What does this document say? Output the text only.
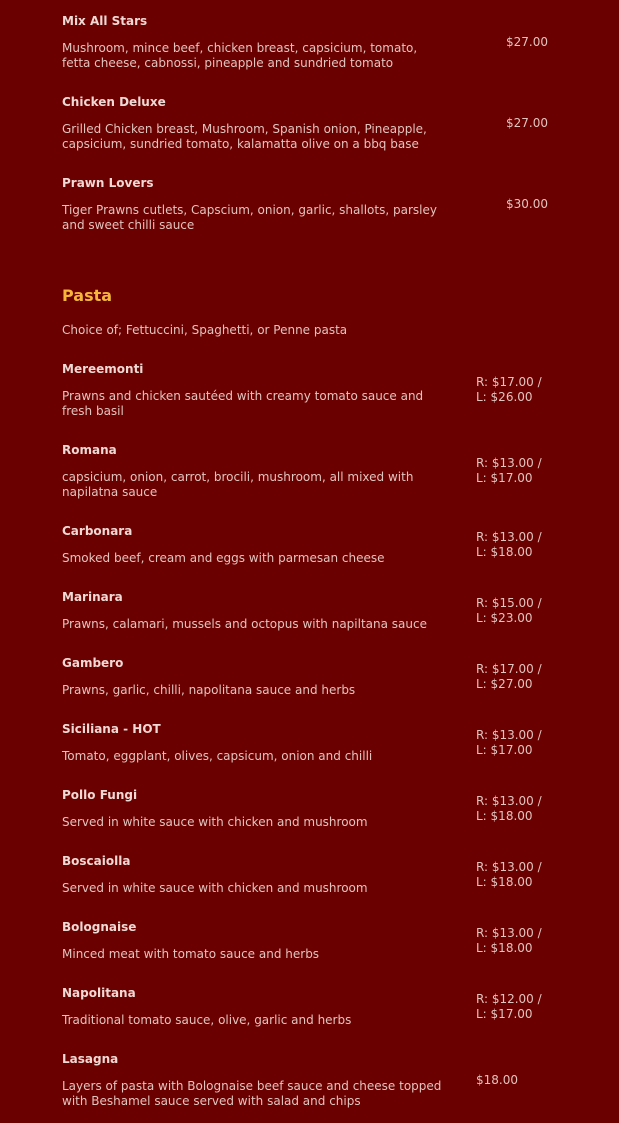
Mix All Stars
Mushroom, mince beef, chicken breast, capsicium, tomato, fetta cheese, cabnossi, pineapple and sundried tomato
$27.00
Chicken Deluxe
Grilled Chicken breast, Mushroom, Spanish onion, Pineapple, capsicium, sundried tomato, kalamatta olive on a bbq base
$27.00
Prawn Lovers
Tiger Prawns cutlets, Capscium, onion, garlic, shallots, parsley and sweet chilli sauce
$30.00
Pasta
Choice of; Fettuccini, Spaghetti, or Penne pasta
Mereemonti
Prawns and chicken sautéed with creamy tomato sauce and fresh basil
R: $17.00 /
L: $26.00
Romana
capsicium, onion, carrot, brocili, mushroom, all mixed with napilatna sauce
R: $13.00 /
L: $17.00
Carbonara
Smoked beef, cream and eggs with parmesan cheese
R: $13.00 /
L: $18.00
Marinara
Prawns, calamari, mussels and octopus with napiltana sauce
R: $15.00 /
L: $23.00
Gambero
Prawns, garlic, chilli, napolitana sauce and herbs
R: $17.00 /
L: $27.00
Siciliana - HOT
Tomato, eggplant, olives, capsicum, onion and chilli
R: $13.00 /
L: $17.00
Pollo Fungi
Served in white sauce with chicken and mushroom
R: $13.00 /
L: $18.00
Boscaiolla
Served in white sauce with chicken and mushroom
R: $13.00 /
L: $18.00
Bolognaise
Minced meat with tomato sauce and herbs
R: $13.00 /
L: $18.00
Napolitana
Traditional tomato sauce, olive, garlic and herbs
R: $12.00 /
L: $17.00
Lasagna
Layers of pasta with Bolognaise beef sauce and cheese topped with Beshamel sauce served with salad and chips
$18.00
